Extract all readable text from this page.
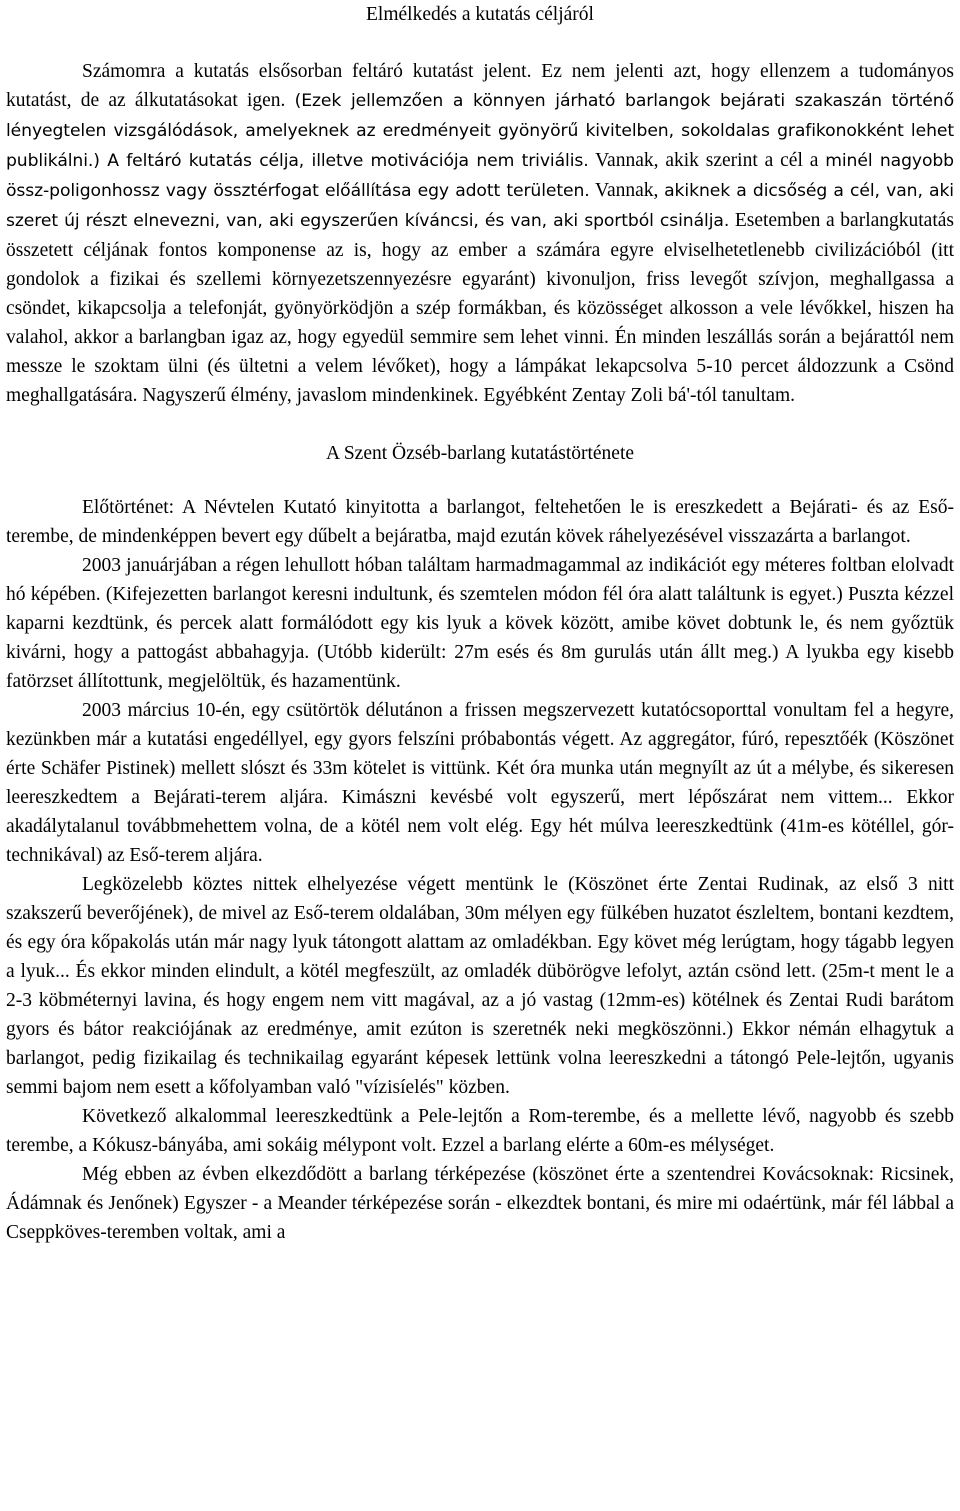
Elmélkedés a kutatás céljáról

Számomra a kutatás elsősorban feltáró kutatást jelent. Ez nem jelenti azt, hogy ellenzem a tudományos kutatást, de az álkutatásokat igen. (Ezek jellemzően a könnyen járható barlangok bejárati szakaszán történő lényegtelen vizsgálódások, amelyeknek az eredményeit gyönyörű kivitelben, sokoldalas grafikonokként lehet publikálni.) A feltáró kutatás célja, illetve motivációja nem triviális. Vannak, akik szerint a cél a minél nagyobb össz-poligonhossz vagy össztérfogat előállítása egy adott területen. Vannak, akiknek a dicsőség a cél, van, aki szeret új részt elnevezni, van, aki egyszerűen kíváncsi, és van, aki sportból csinálja. Esetemben a barlangkutatás összetett céljának fontos komponense az is, hogy az ember a számára egyre elviselhetetlenebb civilizációból (itt gondolok a fizikai és szellemi környezetszennyezésre egyaránt) kivonuljon, friss levegőt szívjon, meghallgassa a csöndet, kikapcsolja a telefonját, gyönyörködjön a szép formákban, és közösséget alkosson a vele lévőkkel, hiszen ha valahol, akkor a barlangban igaz az, hogy egyedül semmire sem lehet vinni. Én minden leszállás során a bejárattól nem messze le szoktam ülni (és ültetni a velem lévőket), hogy a lámpákat lekapcsolva 5-10 percet áldozzunk a Csönd meghallgatására. Nagyszerű élmény, javaslom mindenkinek. Egyébként Zentay Zoli bá'-tól tanultam.

A Szent Özséb-barlang kutatástörténete

Előtörténet: A Névtelen Kutató kinyitotta a barlangot, feltehetően le is ereszkedett a Bejárati- és az Eső-terembe, de mindenképpen bevert egy dűbelt a bejáratba, majd ezután kövek ráhelyezésével visszazárta a barlangot.

2003 januárjában a régen lehullott hóban találtam harmadmagammal az indikációt egy méteres foltban elolvadt hó képében. (Kifejezetten barlangot keresni indultunk, és szemtelen módon fél óra alatt találtunk is egyet.) Puszta kézzel kaparni kezdtünk, és percek alatt formálódott egy kis lyuk a kövek között, amibe követ dobtunk le, és nem győztük kivárni, hogy a pattogást abbahagyja. (Utóbb kiderült: 27m esés és 8m gurulás után állt meg.) A lyukba egy kisebb fatörzset állítottunk, megjelöltük, és hazamentünk.

2003 március 10-én, egy csütörtök délutánon a frissen megszervezett kutatócsoporttal vonultam fel a hegyre, kezünkben már a kutatási engedéllyel, egy gyors felszíni próbabontás végett. Az aggregátor, fúró, repesztőék (Köszönet érte Schäfer Pistinek) mellett slószt és 33m kötelet is vittünk. Két óra munka után megnyílt az út a mélybe, és sikeresen leereszkedtem a Bejárati-terem aljára. Kimászni kevésbé volt egyszerű, mert lépőszárat nem vittem... Ekkor akadálytalanul továbbmehettem volna, de a kötél nem volt elég. Egy hét múlva leereszkedtünk (41m-es kötéllel, gór-technikával) az Eső-terem aljára.

Legközelebb köztes nittek elhelyezése végett mentünk le (Köszönet érte Zentai Rudinak, az első 3 nitt szakszerű beverőjének), de mivel az Eső-terem oldalában, 30m mélyen egy fülkében huzatot észleltem, bontani kezdtem, és egy óra kőpakolás után már nagy lyuk tátongott alattam az omladékban. Egy követ még lerúgtam, hogy tágabb legyen a lyuk... És ekkor minden elindult, a kötél megfeszült, az omladék dübörögve lefolyt, aztán csönd lett. (25m-t ment le a 2-3 köbméternyi lavina, és hogy engem nem vitt magával, az a jó vastag (12mm-es) kötélnek és Zentai Rudi barátom gyors és bátor reakciójának az eredménye, amit ezúton is szeretnék neki megköszönni.) Ekkor némán elhagytuk a barlangot, pedig fizikailag és technikailag egyaránt képesek lettünk volna leereszkedni a tátongó Pele-lejtőn, ugyanis semmi bajom nem esett a kőfolyamban való "vízisíelés" közben.

Következő alkalommal leereszkedtünk a Pele-lejtőn a Rom-terembe, és a mellette lévő, nagyobb és szebb terembe, a Kókusz-bányába, ami sokáig mélypont volt. Ezzel a barlang elérte a 60m-es mélységet.

Még ebben az évben elkezdődött a barlang térképezése (köszönet érte a szentendrei Kovácsoknak: Ricsinek, Ádámnak és Jenőnek) Egyszer - a Meander térképezése során - elkezdtek bontani, és mire mi odaértünk, már fél lábbal a Cseppköves-teremben voltak, ami a
